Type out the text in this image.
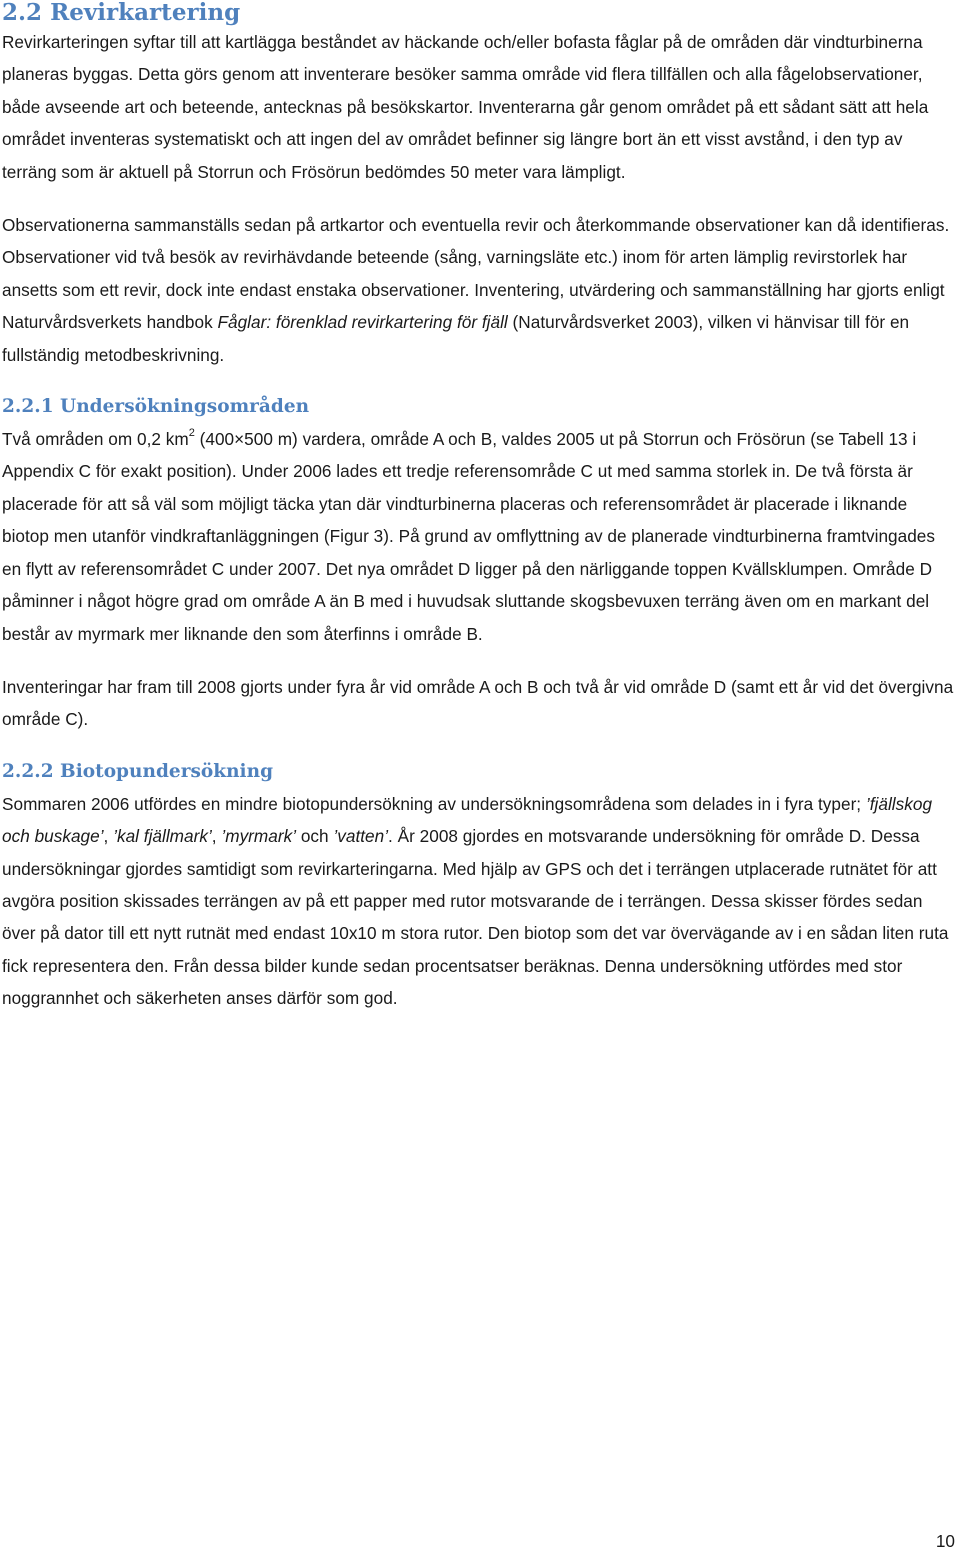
2.2 Revirkartering

Revirkarteringen syftar till att kartlägga beståndet av häckande och/eller bofasta fåglar på de områden där vindturbinerna planeras byggas. Detta görs genom att inventerare besöker samma område vid flera tillfällen och alla fågelobservationer, både avseende art och beteende, antecknas på besökskartor. Inventerarna går genom området på ett sådant sätt att hela området inventeras systematiskt och att ingen del av området befinner sig längre bort än ett visst avstånd, i den typ av terräng som är aktuell på Storrun och Frösörun bedömdes 50 meter vara lämpligt.

Observationerna sammanställs sedan på artkartor och eventuella revir och återkommande observationer kan då identifieras. Observationer vid två besök av revirhävdande beteende (sång, varningsläte etc.) inom för arten lämplig revirstorlek har ansetts som ett revir, dock inte endast enstaka observationer. Inventering, utvärdering och sammanställning har gjorts enligt Naturvårdsverkets handbok Fåglar: förenklad revirkartering för fjäll (Naturvårdsverket 2003), vilken vi hänvisar till för en fullständig metodbeskrivning.

2.2.1 Undersökningsområden

Två områden om 0,2 $km^2$ (400×500 m) vardera, område A och B, valdes 2005 ut på Storrun och Frösörun (se Tabell 13 i Appendix C för exakt position). Under 2006 lades ett tredje referensområde C ut med samma storlek in. De två första är placerade för att så väl som möjligt täcka ytan där vindturbinerna placeras och referensområdet är placerade i liknande biotop men utanför vindkraftanläggningen (Figur 3). På grund av omflyttning av de planerade vindturbinerna framtvingades en flytt av referensområdet C under 2007. Det nya området D ligger på den närliggande toppen Kvällsklumpen. Område D påminner i något högre grad om område A än B med i huvudsak sluttande skogsbevuxen terräng även om en markant del består av myrmark mer liknande den som återfinns i område B.

Inventeringar har fram till 2008 gjorts under fyra år vid område A och B och två år vid område D (samt ett år vid det övergivna område C).

2.2.2 Biotopundersökning

Sommaren 2006 utfördes en mindre biotopundersökning av undersökningsområdena som delades in i fyra typer; ’fjällskog och buskage’, ’kal fjällmark’, ’myrmark’ och ’vatten’. År 2008 gjordes en motsvarande undersökning för område D. Dessa undersökningar gjordes samtidigt som revirkarteringarna. Med hjälp av GPS och det i terrängen utplacerade rutnätet för att avgöra position skissades terrängen av på ett papper med rutor motsvarande de i terrängen. Dessa skisser fördes sedan över på dator till ett nytt rutnät med endast 10x10 m stora rutor. Den biotop som det var övervägande av i en sådan liten ruta fick representera den. Från dessa bilder kunde sedan procentsatser beräknas. Denna undersökning utfördes med stor noggrannhet och säkerheten anses därför som god.

10
